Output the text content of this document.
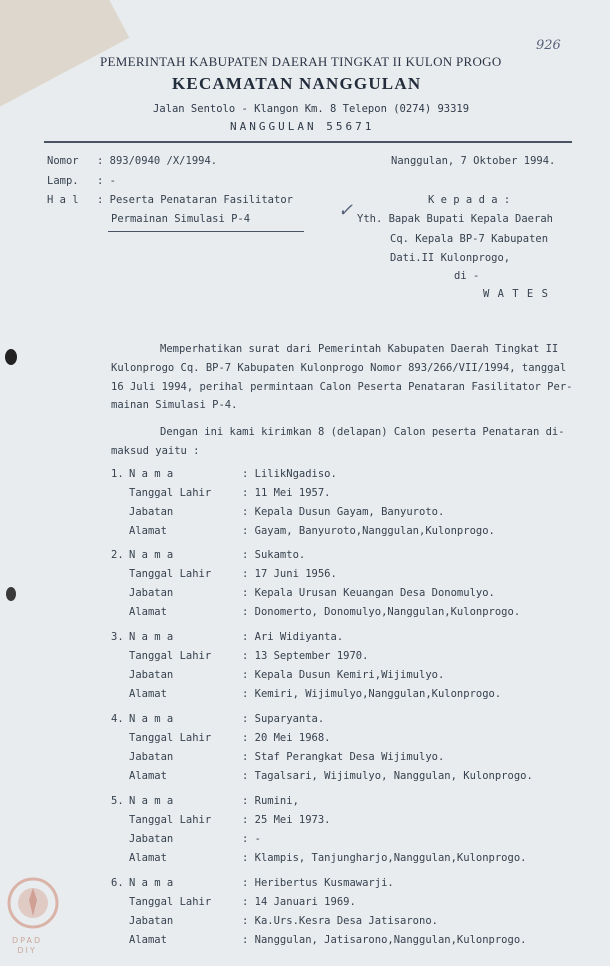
926
PEMERINTAH KABUPATEN DAERAH TINGKAT II KULON PROGO
KECAMATAN NANGGULAN
Jalan Sentolo - Klangon Km. 8 Telepon (0274) 93319
NANGGULAN 55671
Nomor : 893/0940 /X/1994.
Lamp. : -
H a l : Peserta Penataran Fasilitator
Permainan Simulasi P-4
Nanggulan, 7 Oktober 1994.
K e p a d a :
✓ Yth. Bapak Bupati Kepala Daerah
Cq. Kepala BP-7 Kabupaten
Dati.II Kulonprogo,
di -
W A T E S
Memperhatikan surat dari Pemerintah Kabupaten Daerah Tingkat II
Kulonprogo Cq. BP-7 Kabupaten Kulonprogo Nomor 893/266/VII/1994, tanggal
16 Juli 1994, perihal permintaan Calon Peserta Penataran Fasilitator Per-
mainan Simulasi P-4.
Dengan ini kami kirimkan 8 (delapan) Calon peserta Penataran di-
maksud yaitu :
1. N a m a	: LilikNgadiso.
Tanggal Lahir	: 11 Mei 1957.
Jabatan	: Kepala Dusun Gayam, Banyuroto.
Alamat	: Gayam, Banyuroto,Nanggulan,Kulonprogo.
2. N a m a	: Sukamto.
Tanggal Lahir	: 17 Juni 1956.
Jabatan	: Kepala Urusan Keuangan Desa Donomulyo.
Alamat	: Donomerto, Donomulyo,Nanggulan,Kulonprogo.
3. N a m a	: Ari Widiyanta.
Tanggal Lahir	: 13 September 1970.
Jabatan	: Kepala Dusun Kemiri,Wijimulyo.
Alamat	: Kemiri, Wijimulyo,Nanggulan,Kulonprogo.
4. N a m a	: Suparyanta.
Tanggal Lahir	: 20 Mei 1968.
Jabatan	: Staf Perangkat Desa Wijimulyo.
Alamat	: Tagalsari, Wijimulyo, Nanggulan, Kulonprogo.
5. N a m a	: Rumini,
Tanggal Lahir	: 25 Mei 1973.
Jabatan	: -
Alamat	: Klampis, Tanjungharjo,Nanggulan,Kulonprogo.
6. N a m a	: Heribertus Kusmawarji.
Tanggal Lahir	: 14 Januari 1969.
Jabatan	: Ka.Urs.Kesra Desa Jatisarono.
Alamat	: Nanggulan, Jatisarono,Nanggulan,Kulonprogo.
DPAD
DIY
